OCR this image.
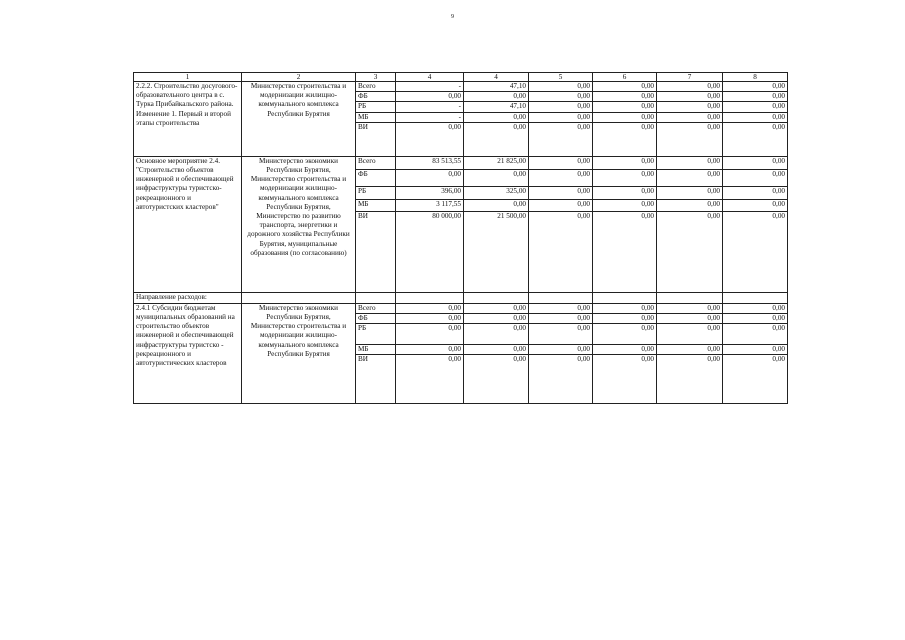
9
1	2	3	4	4	5	6	7	8
2.2.2. Строительство досугового-образовательного центра в с. Турка Прибайкальского района. Изменение 1. Первый и второй этапы строительства	Министерство строительства и модернизации жилищно-коммунального комплекса Республики Бурятия	Всего	-	47,10	0,00	0,00	0,00	0,00
		ФБ	0,00	0,00	0,00	0,00	0,00	0,00
		РБ	-	47,10	0,00	0,00	0,00	0,00
		МБ	-	0,00	0,00	0,00	0,00	0,00
		ВИ	0,00	0,00	0,00	0,00	0,00	0,00
Основное мероприятие 2.4. "Строительство объектов инженерной и обеспечивающей инфраструктуры туристско-рекреационного и автотуристских кластеров"	Министерство экономики Республики Бурятия, Министерство строительства и модернизации жилищно-коммунального комплекса Республики Бурятия, Министерство по развитию транспорта, энергетики и дорожного хозяйства Республики Бурятия, муниципальные образования (по согласованию)	Всего	83 513,55	21 825,00	0,00	0,00	0,00	0,00
		ФБ	0,00	0,00	0,00	0,00	0,00	0,00
		РБ	396,00	325,00	0,00	0,00	0,00	0,00
		МБ	3 117,55	0,00	0,00	0,00	0,00	0,00
		ВИ	80 000,00	21 500,00	0,00	0,00	0,00	0,00
Направление расходов:								
2.4.1 Субсидии бюджетам муниципальных образований на строительство объектов инженерной и обеспечивающей инфраструктуры туристско - рекреационного и автотуристических кластеров	Министерство экономики Республики Бурятия, Министерство строительства и модернизации жилищно-коммунального комплекса Республики Бурятия	Всего	0,00	0,00	0,00	0,00	0,00	0,00
		ФБ	0,00	0,00	0,00	0,00	0,00	0,00
		РБ	0,00	0,00	0,00	0,00	0,00	0,00
		МБ	0,00	0,00	0,00	0,00	0,00	0,00
		ВИ	0,00	0,00	0,00	0,00	0,00	0,00
